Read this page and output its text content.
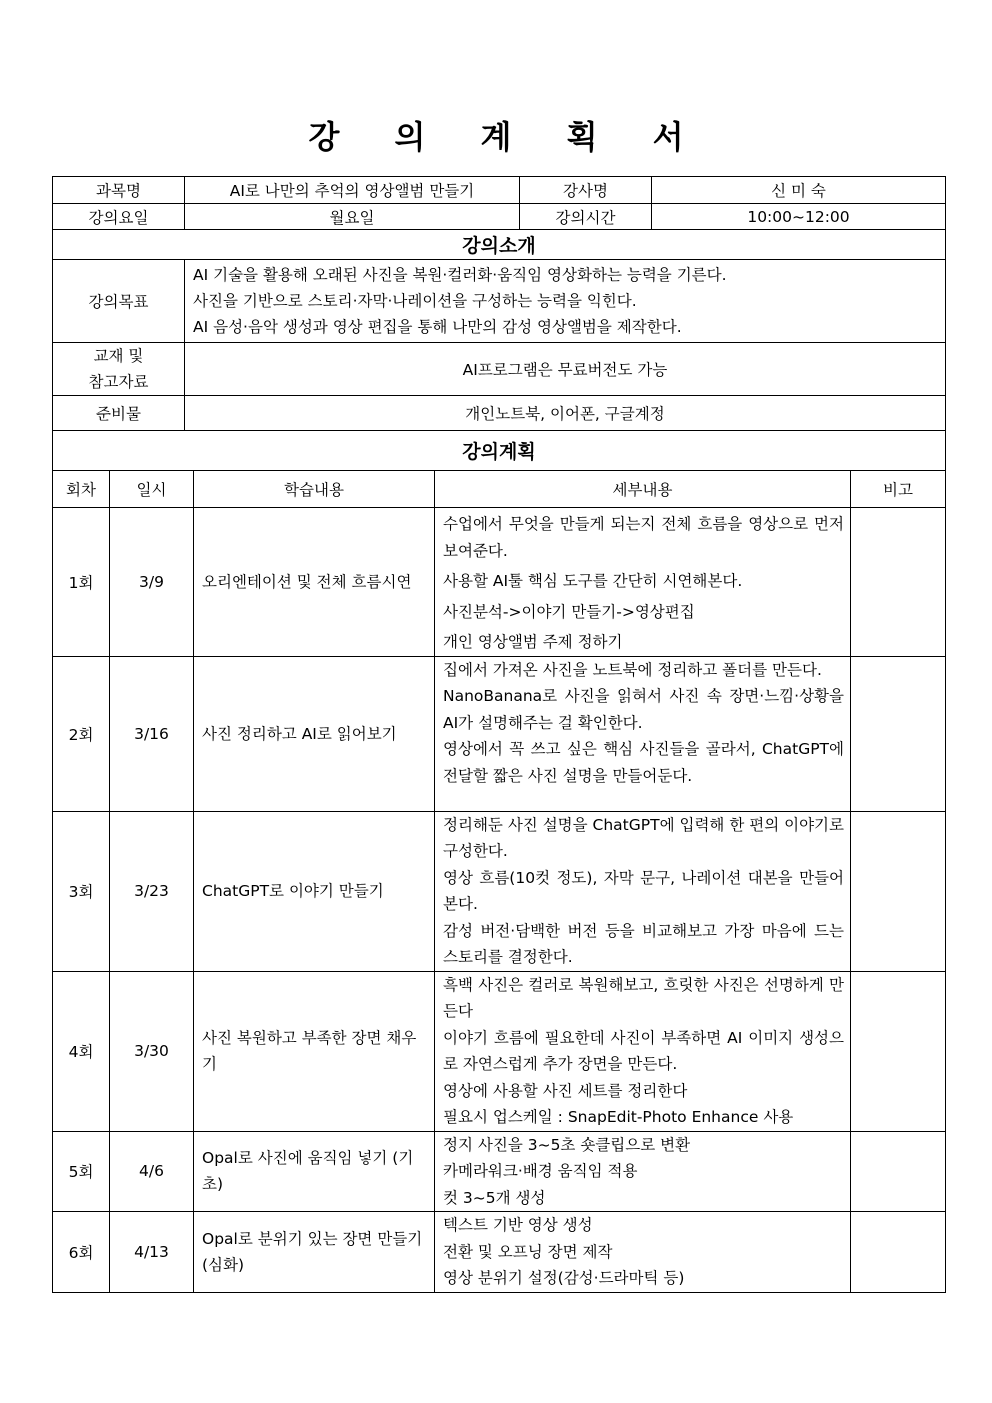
강 의 계 획 서
과목명	AI로 나만의 추억의 영상앨범 만들기	강사명	신 미 숙
강의요일	월요일	강의시간	10:00~12:00
강의소개			
강의목표	AI 기술을 활용해 오래된 사진을 복원·컬러화·움직임 영상화하는 능력을 기른다.
사진을 기반으로 스토리·자막·나레이션을 구성하는 능력을 익힌다.
AI 음성·음악 생성과 영상 편집을 통해 나만의 감성 영상앨범을 제작한다.		

교재 및
참고자료	AI프로그램은 무료버전도 가능		
준비물	개인노트북, 이어폰, 구글계정		
강의계획			
회차	일시	학습내용	세부내용	비고
1회	3/9	오리엔테이션 및 전체 흐름시연	수업에서 무엇을 만들게 되는지 전체 흐름을 영상으로 먼저 보여준다.
사용할 AI툴 핵심 도구를 간단히 시연해본다.
사진분석->이야기 만들기->영상편집
개인 영상앨범 주제 정하기	

2회	3/16	사진 정리하고 AI로 읽어보기	집에서 가져온 사진을 노트북에 정리하고 폴더를 만든다.
NanoBanana로 사진을 읽혀서 사진 속 장면·느낌·상황을 AI가 설명해주는 걸 확인한다.
영상에서 꼭 쓰고 싶은 핵심 사진들을 골라서, ChatGPT에 전달할 짧은 사진 설명을 만들어둔다.	

3회	3/23	ChatGPT로 이야기 만들기	정리해둔 사진 설명을 ChatGPT에 입력해 한 편의 이야기로 구성한다.
영상 흐름(10컷 정도), 자막 문구, 나레이션 대본을 만들어본다.
감성 버전·담백한 버전 등을 비교해보고 가장 마음에 드는 스토리를 결정한다.	

4회	3/30	사진 복원하고 부족한 장면 채우기	흑백 사진은 컬러로 복원해보고, 흐릿한 사진은 선명하게 만든다
이야기 흐름에 필요한데 사진이 부족하면 AI 이미지 생성으로 자연스럽게 추가 장면을 만든다.
영상에 사용할 사진 세트를 정리한다
필요시 업스케일 : SnapEdit-Photo Enhance 사용	

5회	4/6	Opal로 사진에 움직임 넣기 (기초)	정지 사진을 3~5초 숏클립으로 변환
카메라워크·배경 움직임 적용
컷 3~5개 생성	

6회	4/13	Opal로 분위기 있는 장면 만들기 (심화)	텍스트 기반 영상 생성
전환 및 오프닝 장면 제작
영상 분위기 설정(감성·드라마틱 등)	
